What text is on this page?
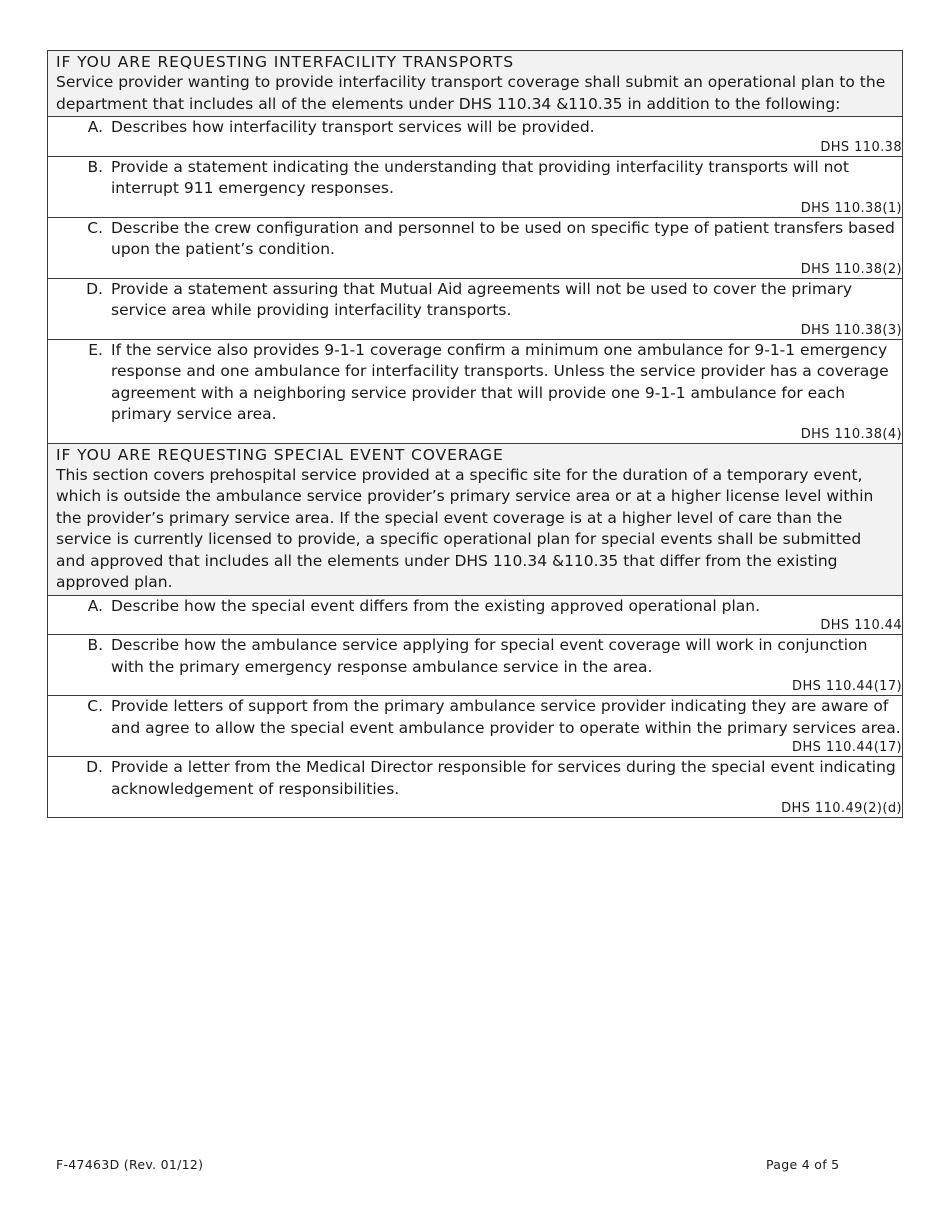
IF YOU ARE REQUESTING INTERFACILITY TRANSPORTS
Service provider wanting to provide interfacility transport coverage shall submit an operational plan to the department that includes all of the elements under DHS 110.34 &110.35 in addition to the following:

A. Describes how interfacility transport services will be provided.
DHS 110.38

B. Provide a statement indicating the understanding that providing interfacility transports will not interrupt 911 emergency responses.
DHS 110.38(1)

C. Describe the crew configuration and personnel to be used on specific type of patient transfers based upon the patient’s condition.
DHS 110.38(2)

D. Provide a statement assuring that Mutual Aid agreements will not be used to cover the primary service area while providing interfacility transports.
DHS 110.38(3)

E. If the service also provides 9-1-1 coverage confirm a minimum one ambulance for 9-1-1 emergency response and one ambulance for interfacility transports. Unless the service provider has a coverage agreement with a neighboring service provider that will provide one 9-1-1 ambulance for each primary service area.
DHS 110.38(4)

IF YOU ARE REQUESTING SPECIAL EVENT COVERAGE
This section covers prehospital service provided at a specific site for the duration of a temporary event, which is outside the ambulance service provider’s primary service area or at a higher license level within the provider’s primary service area. If the special event coverage is at a higher level of care than the service is currently licensed to provide, a specific operational plan for special events shall be submitted and approved that includes all the elements under DHS 110.34 &110.35 that differ from the existing approved plan.

A. Describe how the special event differs from the existing approved operational plan.
DHS 110.44

B. Describe how the ambulance service applying for special event coverage will work in conjunction with the primary emergency response ambulance service in the area.
DHS 110.44(17)

C. Provide letters of support from the primary ambulance service provider indicating they are aware of and agree to allow the special event ambulance provider to operate within the primary services area.
DHS 110.44(17)

D. Provide a letter from the Medical Director responsible for services during the special event indicating acknowledgement of responsibilities.
DHS 110.49(2)(d)
F-47463D (Rev. 01/12)	Page 4 of 5
